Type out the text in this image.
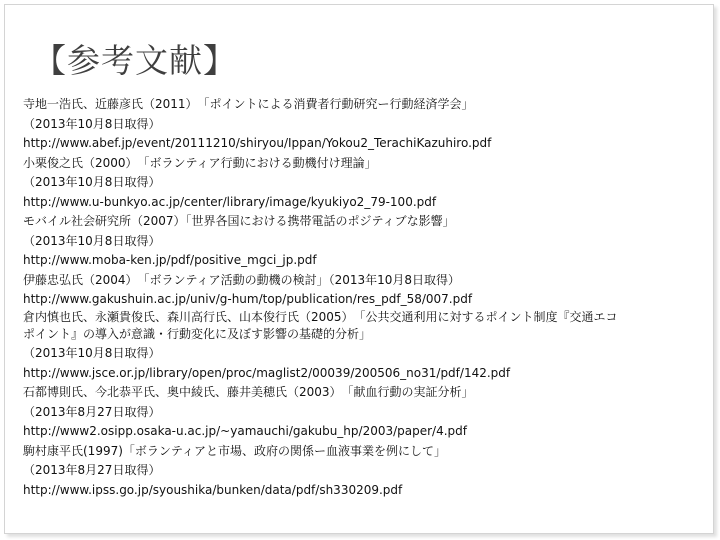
【参考文献】
寺地一浩氏、近藤彦氏（2011）　「ポイントによる消費者行動研究ー行動経済学会」
（2013年10月8日取得）
http://www.abef.jp/event/20111210/shiryou/Ippan/Yokou2_TerachiKazuhiro.pdf
小栗俊之氏（2000）　「ボランティア行動における動機付け理論」
（2013年10月8日取得）
http://www.u-bunkyo.ac.jp/center/library/image/kyukiyo2_79-100.pdf
モバイル社会研究所（2007）「世界各国における携帯電話のポジティブな影響」
（2013年10月8日取得）
http://www.moba-ken.jp/pdf/positive_mgci_jp.pdf
伊藤忠弘氏（2004）　「ボランティア活動の動機の検討」（2013年10月8日取得）
http://www.gakushuin.ac.jp/univ/g-hum/top/publication/res_pdf_58/007.pdf
倉内慎也氏、永瀬貴俊氏、森川高行氏、山本俊行氏（2005）　「公共交通利用に対するポイント制度『交通エコ
ポイント』の導入が意識・行動変化に及ぼす影響の基礎的分析」
（2013年10月8日取得）
http://www.jsce.or.jp/library/open/proc/maglist2/00039/200506_no31/pdf/142.pdf
石都博則氏、今北恭平氏、奥中綾氏、藤井美穂氏（2003）　「献血行動の実証分析」
（2013年8月27日取得）
http://www2.osipp.osaka-u.ac.jp/~yamauchi/gakubu_hp/2003/paper/4.pdf
駒村康平氏(1997)「ボランティアと市場、政府の関係ー血液事業を例にして」
（2013年8月27日取得）
http://www.ipss.go.jp/syoushika/bunken/data/pdf/sh330209.pdf
